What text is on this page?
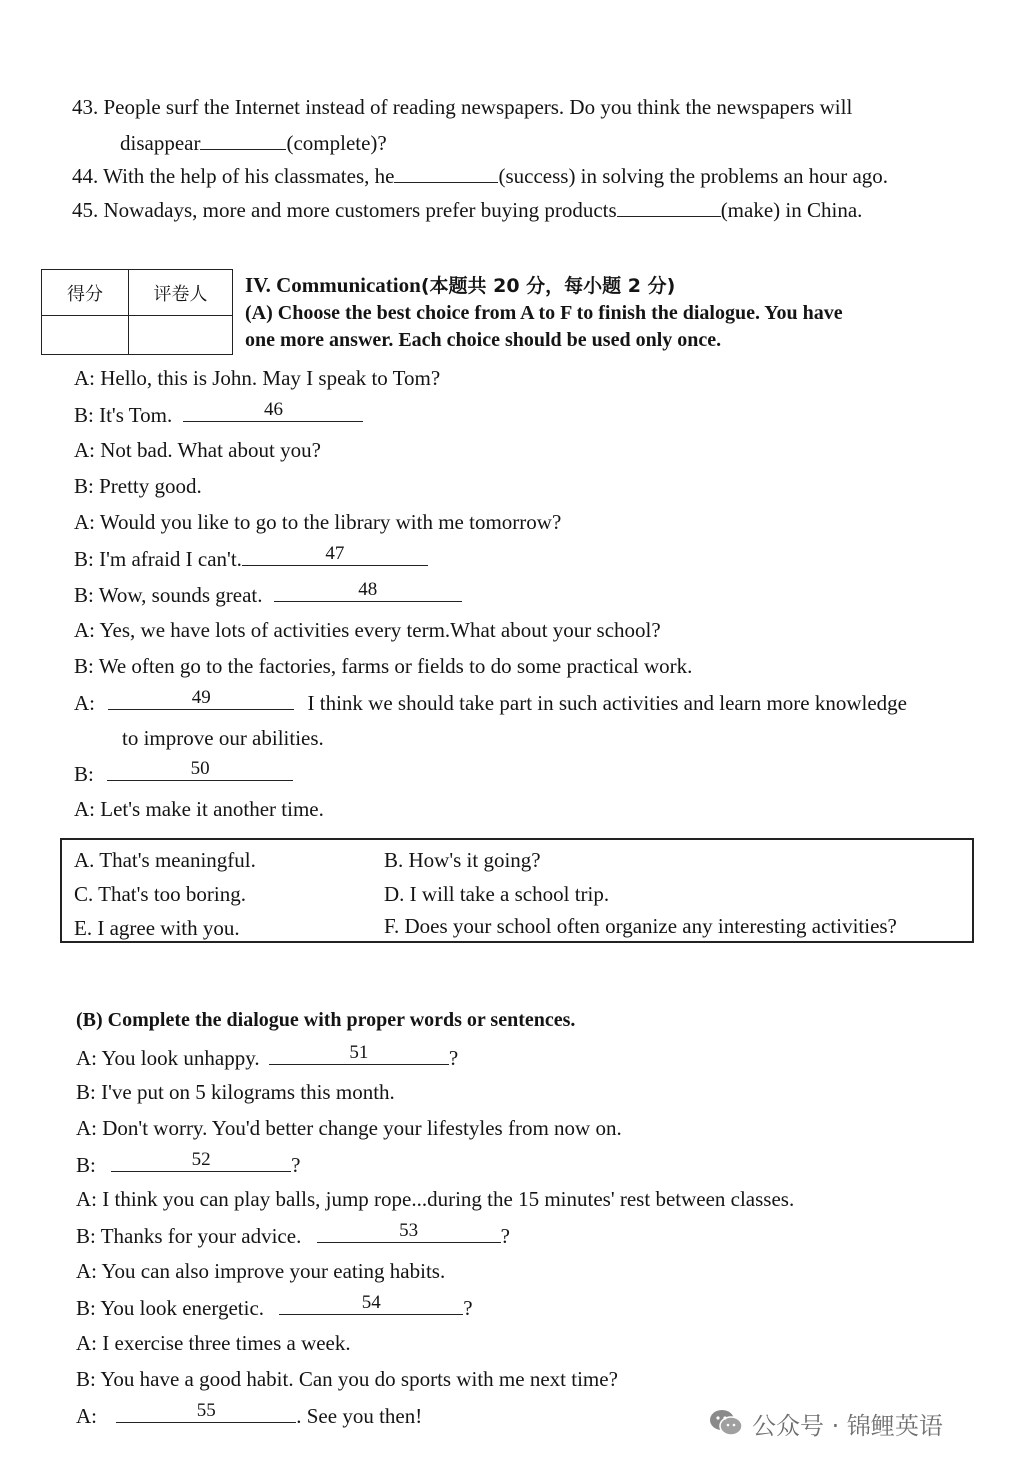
43. People surf the Internet instead of reading newspapers. Do you think the newspapers will
disappear	(complete)?
44. With the help of his classmates, he	(success) in solving the problems an hour ago.
45. Nowadays, more and more customers prefer buying products	(make) in China.
得分	评卷人	IV. Communication(本题共 20 分，每小题 2 分)
(A) Choose the best choice from A to F to finish the dialogue. You have
one more answer. Each choice should be used only once.
A: Hello, this is John. May I speak to Tom?
B: It's Tom.	46
A: Not bad. What about you?
B: Pretty good.
A: Would you like to go to the library with me tomorrow?
B: I'm afraid I can't.	47
B: Wow, sounds great.	48
A: Yes, we have lots of activities every term.What about your school?
B: We often go to the factories, farms or fields to do some practical work.
A:	49	I think we should take part in such activities and learn more knowledge
to improve our abilities.
B:	50
A: Let's make it another time.
A. That's meaningful.	B. How's it going?
C. That's too boring.	D. I will take a school trip.
E. I agree with you.	F. Does your school often organize any interesting activities?
(B) Complete the dialogue with proper words or sentences.
A: You look unhappy.	51	?
B: I've put on 5 kilograms this month.
A: Don't worry. You'd better change your lifestyles from now on.
B:	52	?
A: I think you can play balls, jump rope...during the 15 minutes' rest between classes.
B: Thanks for your advice.	53	?
A: You can also improve your eating habits.
B: You look energetic.	54	?
A: I exercise three times a week.
B: You have a good habit. Can you do sports with me next time?
A:	55	. See you then!	公众号 · 锦鲤英语
